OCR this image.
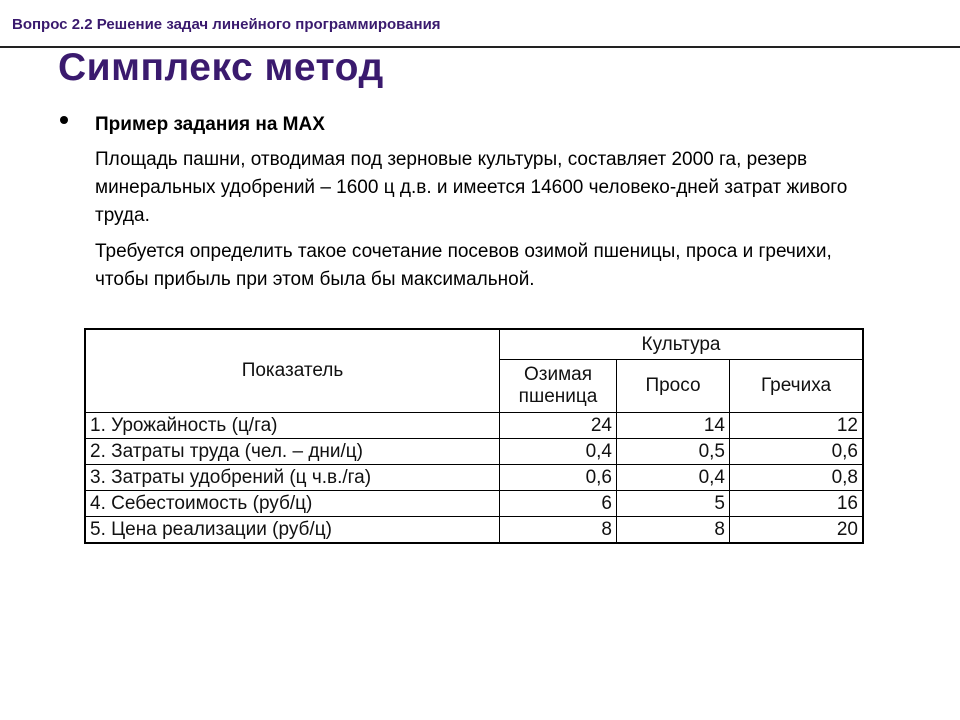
Вопрос 2.2 Решение задач линейного программирования
Симплекс метод
Пример задания на MAX
Площадь пашни, отводимая под зерновые культуры, составляет 2000 га, резерв минеральных удобрений – 1600 ц д.в. и имеется 14600 человеко-дней затрат живого труда.
Требуется определить такое сочетание посевов озимой пшеницы, проса и гречихи, чтобы прибыль при этом была бы максимальной.
Показатель	Культура		
	Озимая пшеница	Просо	Гречиха
1. Урожайность (ц/га)	24	14	12
2. Затраты труда (чел. – дни/ц)	0,4	0,5	0,6
3. Затраты удобрений (ц ч.в./га)	0,6	0,4	0,8
4. Себестоимость (руб/ц)	6	5	16
5. Цена реализации (руб/ц)	8	8	20
